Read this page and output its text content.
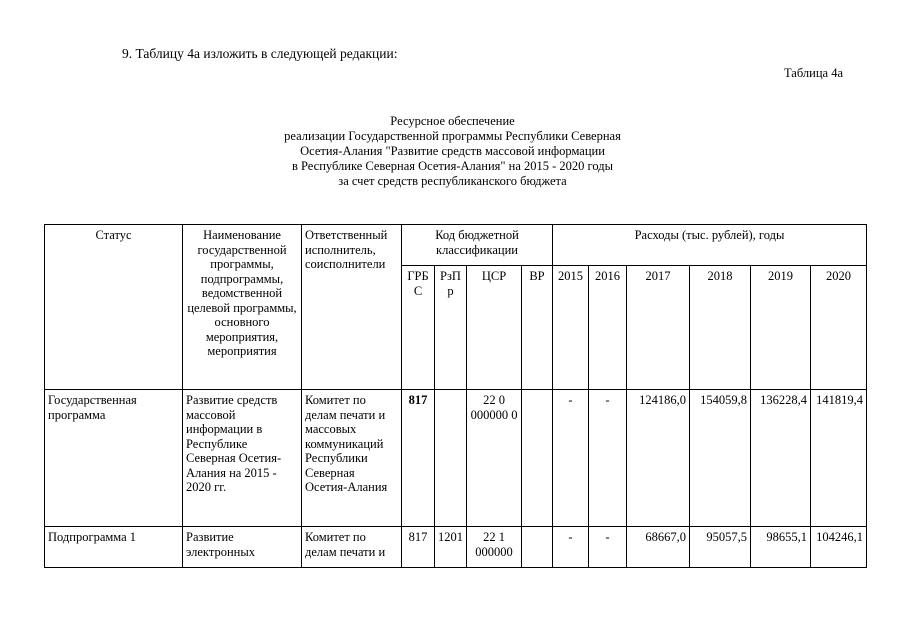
9. Таблицу 4а изложить в следующей редакции:
Таблица 4а
Ресурсное обеспечение
реализации Государственной программы Республики Северная
Осетия-Алания "Развитие средств массовой информации
в Республике Северная Осетия-Алания" на 2015 - 2020 годы
за счет средств республиканского бюджета
Статус	Наименование государственной программы, подпрограммы, ведомственной целевой программы, основного мероприятия, мероприятия	Ответственный исполнитель, соисполнители	Код бюджетной классификации				Расходы (тыс. рублей), годы					
			ГРБ С	РзП р	ЦСР	ВР	2015	2016	2017	2018	2019	2020
Государственная программа	Развитие средств массовой информации в Республике Северная Осетия-Алания на 2015 - 2020 гг.	Комитет по делам печати и массовых коммуникаций Республики Северная Осетия-Алания	817		22 0 000000 0		-	-	124186,0	154059,8	136228,4	141819,4
Подпрограмма 1	Развитие электронных	Комитет по делам печати и	817	1201	22 1 000000		-	-	68667,0	95057,5	98655,1	104246,1
